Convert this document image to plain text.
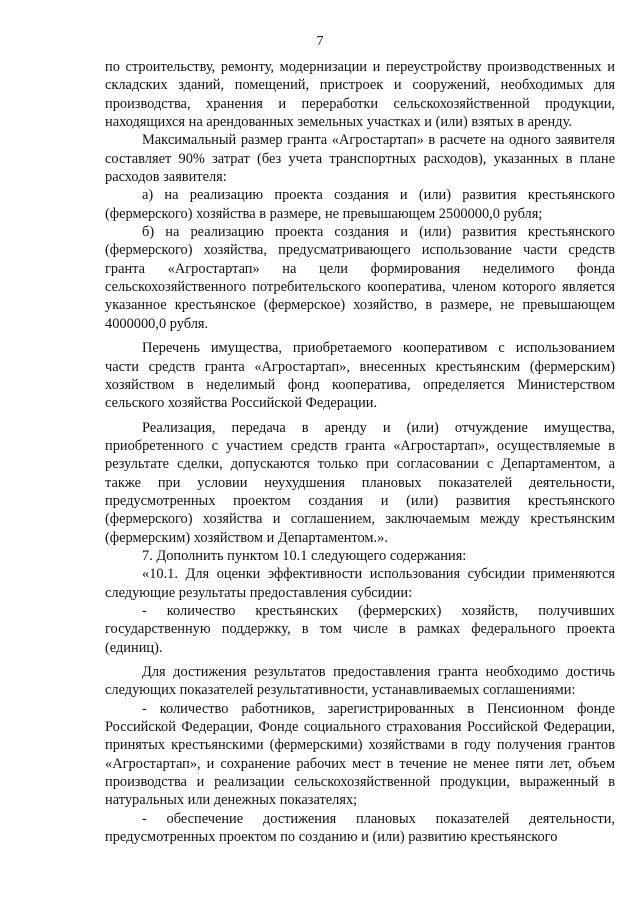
7

по строительству, ремонту, модернизации и переустройству производственных и складских зданий, помещений, пристроек и сооружений, необходимых для производства, хранения и переработки сельскохозяйственной продукции, находящихся на арендованных земельных участках и (или) взятых в аренду.

Максимальный размер гранта «Агростартап» в расчете на одного заявителя составляет 90% затрат (без учета транспортных расходов), указанных в плане расходов заявителя:

а) на реализацию проекта создания и (или) развития крестьянского (фермерского) хозяйства в размере, не превышающем 2500000,0 рубля;

б) на реализацию проекта создания и (или) развития крестьянского (фермерского) хозяйства, предусматривающего использование части средств гранта «Агростартап» на цели формирования неделимого фонда сельскохозяйственного потребительского кооператива, членом которого является указанное крестьянское (фермерское) хозяйство, в размере, не превышающем 4000000,0 рубля.

Перечень имущества, приобретаемого кооперативом с использованием части средств гранта «Агростартап», внесенных крестьянским (фермерским) хозяйством в неделимый фонд кооператива, определяется Министерством сельского хозяйства Российской Федерации.

Реализация, передача в аренду и (или) отчуждение имущества, приобретенного с участием средств гранта «Агростартап», осуществляемые в результате сделки, допускаются только при согласовании с Департаментом, а также при условии неухудшения плановых показателей деятельности, предусмотренных проектом создания и (или) развития крестьянского (фермерского) хозяйства и соглашением, заключаемым между крестьянским (фермерским) хозяйством и Департаментом.».

7. Дополнить пунктом 10.1 следующего содержания:

«10.1. Для оценки эффективности использования субсидии применяются следующие результаты предоставления субсидии:

- количество крестьянских (фермерских) хозяйств, получивших государственную поддержку, в том числе в рамках федерального проекта (единиц).

Для достижения результатов предоставления гранта необходимо достичь следующих показателей результативности, устанавливаемых соглашениями:

- количество работников, зарегистрированных в Пенсионном фонде Российской Федерации, Фонде социального страхования Российской Федерации, принятых крестьянскими (фермерскими) хозяйствами в году получения грантов «Агростартап», и сохранение рабочих мест в течение не менее пяти лет, объем производства и реализации сельскохозяйственной продукции, выраженный в натуральных или денежных показателях;

- обеспечение достижения плановых показателей деятельности, предусмотренных проектом по созданию и (или) развитию крестьянского
